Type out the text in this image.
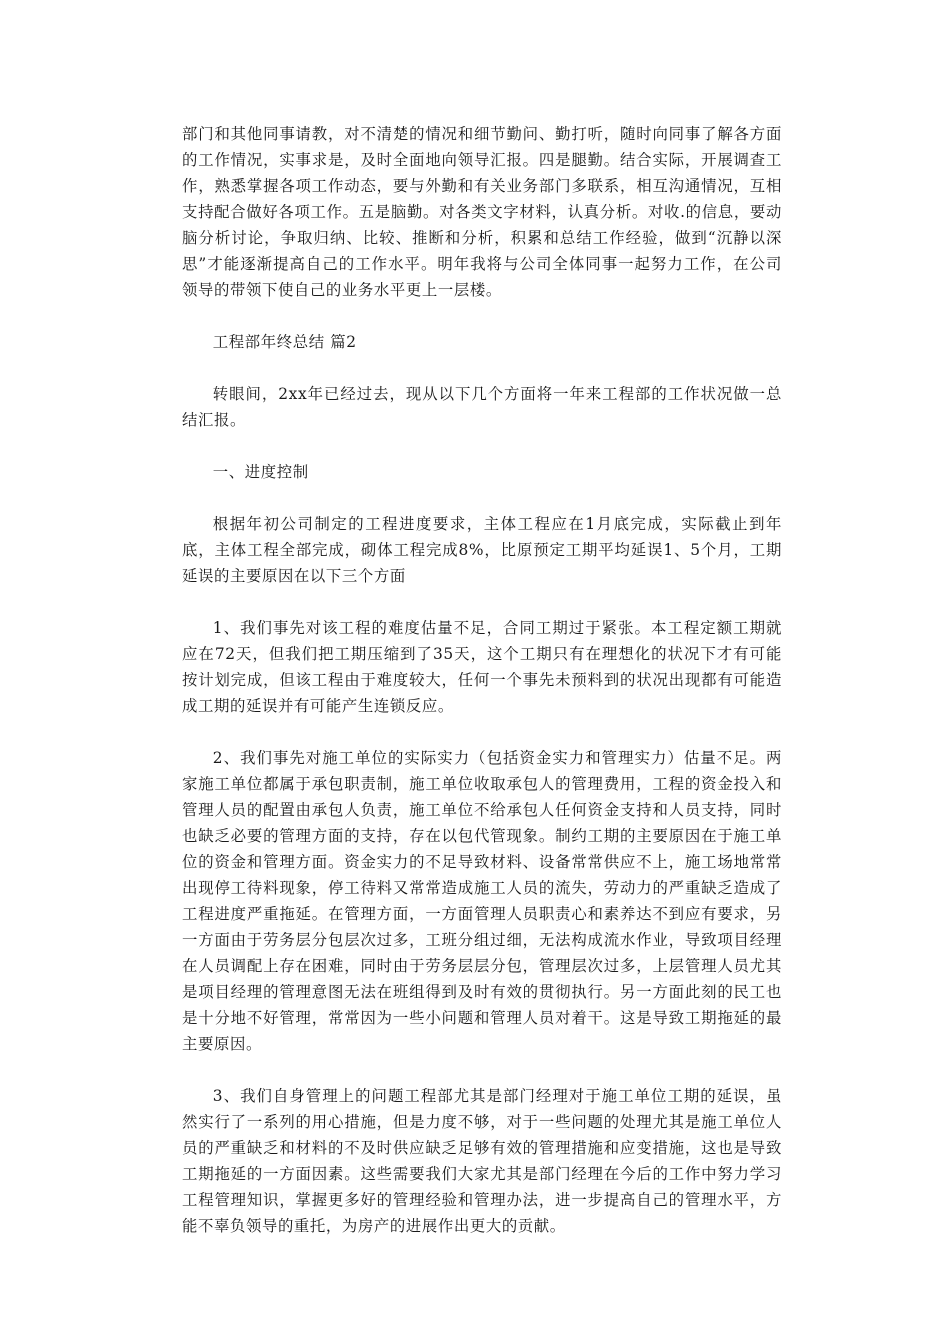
部门和其他同事请教，对不清楚的情况和细节勤问、勤打听，随时向同事了解各方面的工作情况，实事求是，及时全面地向领导汇报。四是腿勤。结合实际，开展调查工作，熟悉掌握各项工作动态，要与外勤和有关业务部门多联系，相互沟通情况，互相支持配合做好各项工作。五是脑勤。对各类文字材料，认真分析。对收.的信息，要动脑分析讨论，争取归纳、比较、推断和分析，积累和总结工作经验，做到“沉静以深思”才能逐渐提高自己的工作水平。明年我将与公司全体同事一起努力工作，在公司领导的带领下使自己的业务水平更上一层楼。

工程部年终总结 篇2

转眼间，2xx年已经过去，现从以下几个方面将一年来工程部的工作状况做一总结汇报。

一、进度控制

根据年初公司制定的工程进度要求，主体工程应在1月底完成，实际截止到年底，主体工程全部完成，砌体工程完成8%，比原预定工期平均延误1、5个月，工期延误的主要原因在以下三个方面

1、我们事先对该工程的难度估量不足，合同工期过于紧张。本工程定额工期就应在72天，但我们把工期压缩到了35天，这个工期只有在理想化的状况下才有可能按计划完成，但该工程由于难度较大，任何一个事先未预料到的状况出现都有可能造成工期的延误并有可能产生连锁反应。

2、我们事先对施工单位的实际实力（包括资金实力和管理实力）估量不足。两家施工单位都属于承包职责制，施工单位收取承包人的管理费用，工程的资金投入和管理人员的配置由承包人负责，施工单位不给承包人任何资金支持和人员支持，同时也缺乏必要的管理方面的支持，存在以包代管现象。制约工期的主要原因在于施工单位的资金和管理方面。资金实力的不足导致材料、设备常常供应不上，施工场地常常出现停工待料现象，停工待料又常常造成施工人员的流失，劳动力的严重缺乏造成了工程进度严重拖延。在管理方面，一方面管理人员职责心和素养达不到应有要求，另一方面由于劳务层分包层次过多，工班分组过细，无法构成流水作业，导致项目经理在人员调配上存在困难，同时由于劳务层层分包，管理层次过多，上层管理人员尤其是项目经理的管理意图无法在班组得到及时有效的贯彻执行。另一方面此刻的民工也是十分地不好管理，常常因为一些小问题和管理人员对着干。这是导致工期拖延的最主要原因。

3、我们自身管理上的问题工程部尤其是部门经理对于施工单位工期的延误，虽然实行了一系列的用心措施，但是力度不够，对于一些问题的处理尤其是施工单位人员的严重缺乏和材料的不及时供应缺乏足够有效的管理措施和应变措施，这也是导致工期拖延的一方面因素。这些需要我们大家尤其是部门经理在今后的工作中努力学习工程管理知识，掌握更多好的管理经验和管理办法，进一步提高自己的管理水平，方能不辜负领导的重托，为房产的进展作出更大的贡献。
